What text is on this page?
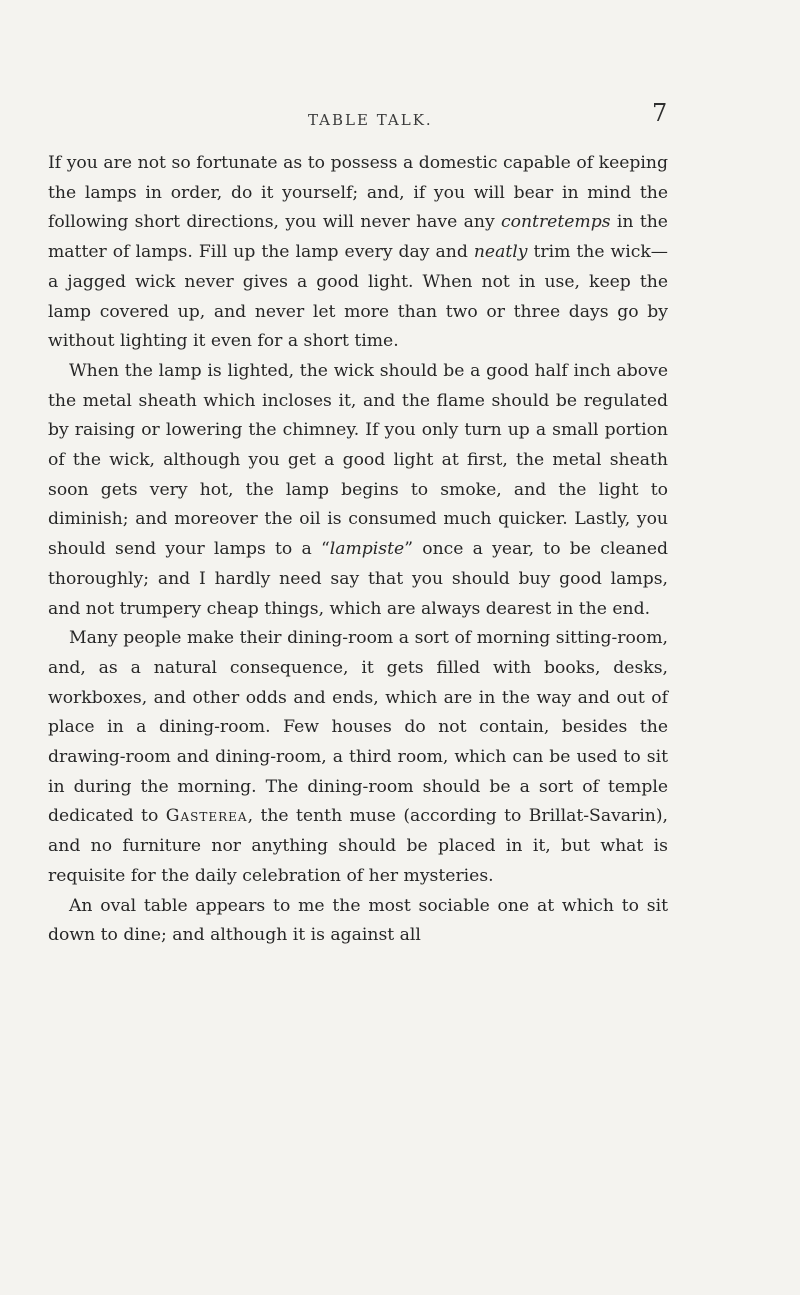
TABLE TALK.	7

If you are not so fortunate as to possess a domestic capable of keeping the lamps in order, do it yourself; and, if you will bear in mind the following short directions, you will never have any contretemps in the matter of lamps. Fill up the lamp every day and neatly trim the wick—a jagged wick never gives a good light. When not in use, keep the lamp covered up, and never let more than two or three days go by without lighting it even for a short time.

When the lamp is lighted, the wick should be a good half inch above the metal sheath which incloses it, and the flame should be regulated by raising or lowering the chimney. If you only turn up a small portion of the wick, although you get a good light at first, the metal sheath soon gets very hot, the lamp begins to smoke, and the light to diminish; and moreover the oil is consumed much quicker. Lastly, you should send your lamps to a “lampiste” once a year, to be cleaned thoroughly; and I hardly need say that you should buy good lamps, and not trumpery cheap things, which are always dearest in the end.

Many people make their dining-room a sort of morning sitting-room, and, as a natural consequence, it gets filled with books, desks, workboxes, and other odds and ends, which are in the way and out of place in a dining-room. Few houses do not contain, besides the drawing-room and dining-room, a third room, which can be used to sit in during the morning. The dining-room should be a sort of temple dedicated to Gasterea, the tenth muse (according to Brillat-Savarin), and no furniture nor anything should be placed in it, but what is requisite for the daily celebration of her mysteries.

An oval table appears to me the most sociable one at which to sit down to dine; and although it is against all
